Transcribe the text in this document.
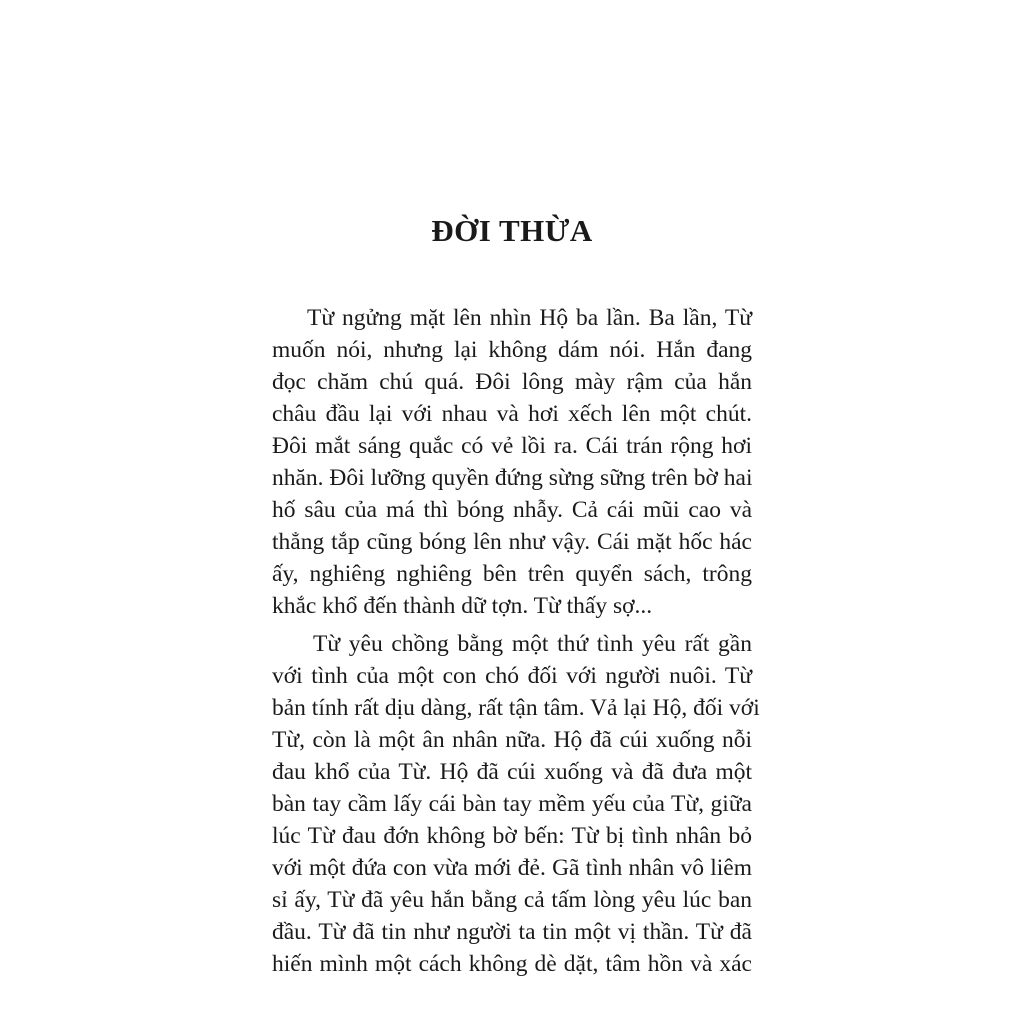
ĐỜI THỪA
Từ ngửng mặt lên nhìn Hộ ba lần. Ba lần, Từ
muốn nói, nhưng lại không dám nói. Hắn đang
đọc chăm chú quá. Đôi lông mày rậm của hắn
châu đầu lại với nhau và hơi xếch lên một chút.
Đôi mắt sáng quắc có vẻ lồi ra. Cái trán rộng hơi
nhăn. Đôi lưỡng quyền đứng sừng sững trên bờ hai
hố sâu của má thì bóng nhẫy. Cả cái mũi cao và
thẳng tắp cũng bóng lên như vậy. Cái mặt hốc hác
ấy, nghiêng nghiêng bên trên quyển sách, trông
khắc khổ đến thành dữ tợn. Từ thấy sợ...
Từ yêu chồng bằng một thứ tình yêu rất gần
với tình của một con chó đối với người nuôi. Từ
bản tính rất dịu dàng, rất tận tâm. Vả lại Hộ, đối với
Từ, còn là một ân nhân nữa. Hộ đã cúi xuống nỗi
đau khổ của Từ. Hộ đã cúi xuống và đã đưa một
bàn tay cầm lấy cái bàn tay mềm yếu của Từ, giữa
lúc Từ đau đớn không bờ bến: Từ bị tình nhân bỏ
với một đứa con vừa mới đẻ. Gã tình nhân vô liêm
sỉ ấy, Từ đã yêu hắn bằng cả tấm lòng yêu lúc ban
đầu. Từ đã tin như người ta tin một vị thần. Từ đã
hiến mình một cách không dè dặt, tâm hồn và xác
